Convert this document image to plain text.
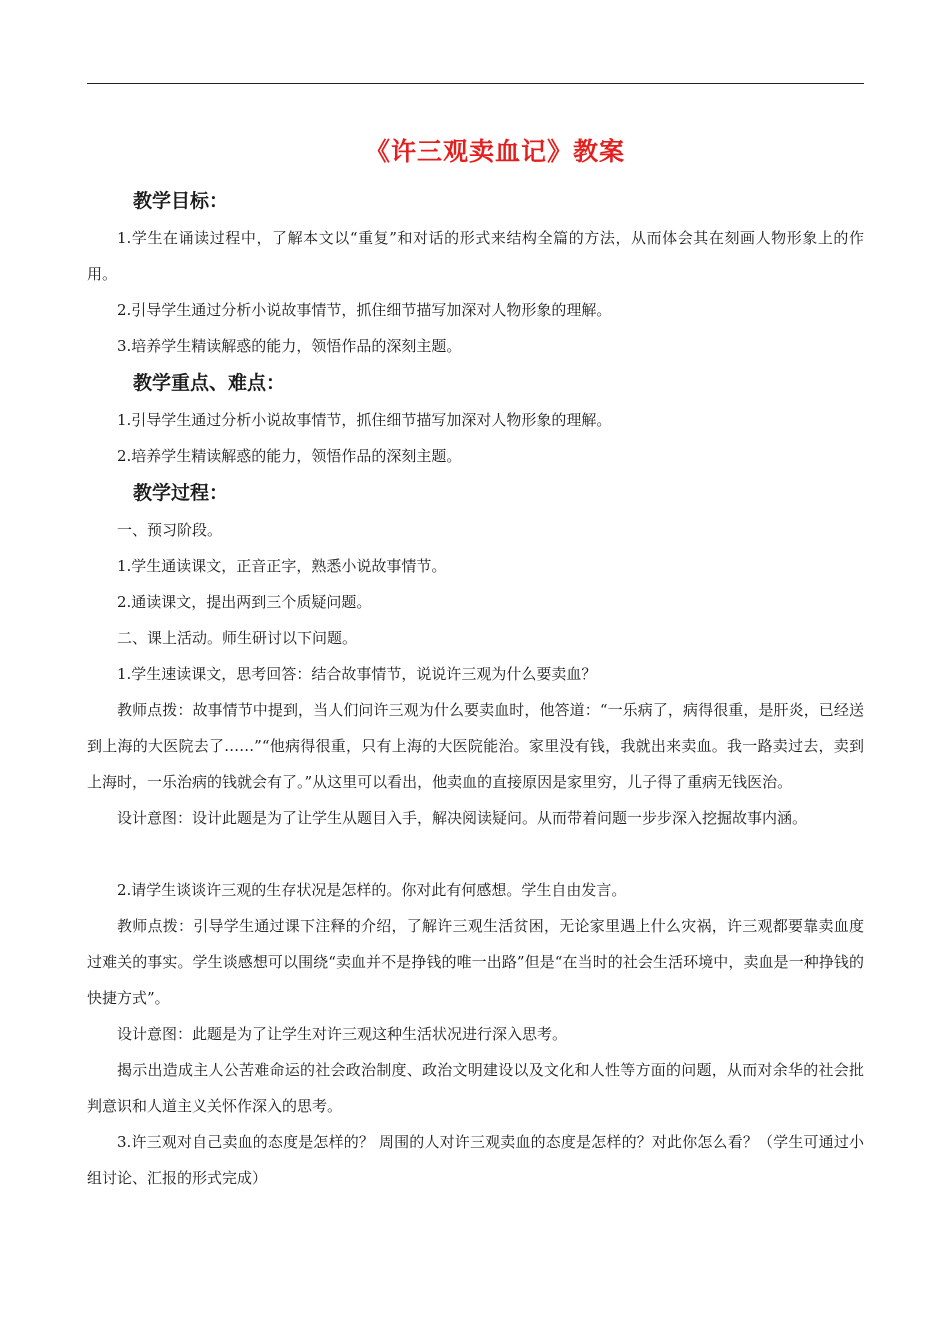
《许三观卖血记》教案
教学目标：

1.学生在诵读过程中，了解本文以“重复”和对话的形式来结构全篇的方法，从而体会其在刻画人物形象上的作用。

2.引导学生通过分析小说故事情节，抓住细节描写加深对人物形象的理解。

3.培养学生精读解惑的能力，领悟作品的深刻主题。

教学重点、难点：

1.引导学生通过分析小说故事情节，抓住细节描写加深对人物形象的理解。

2.培养学生精读解惑的能力，领悟作品的深刻主题。

教学过程：

一、预习阶段。

1.学生通读课文，正音正字，熟悉小说故事情节。

2.通读课文，提出两到三个质疑问题。

二、课上活动。师生研讨以下问题。

1.学生速读课文，思考回答：结合故事情节，说说许三观为什么要卖血？

教师点拨：故事情节中提到，当人们问许三观为什么要卖血时，他答道：“一乐病了，病得很重，是肝炎，已经送到上海的大医院去了……”“他病得很重，只有上海的大医院能治。家里没有钱，我就出来卖血。我一路卖过去，卖到上海时，一乐治病的钱就会有了。”从这里可以看出，他卖血的直接原因是家里穷，儿子得了重病无钱医治。

设计意图：设计此题是为了让学生从题目入手，解决阅读疑问。从而带着问题一步步深入挖掘故事内涵。

2.请学生谈谈许三观的生存状况是怎样的。你对此有何感想。学生自由发言。

教师点拨：引导学生通过课下注释的介绍，了解许三观生活贫困，无论家里遇上什么灾祸，许三观都要靠卖血度过难关的事实。学生谈感想可以围绕“卖血并不是挣钱的唯一出路”但是“在当时的社会生活环境中，卖血是一种挣钱的快捷方式”。

设计意图：此题是为了让学生对许三观这种生活状况进行深入思考。

揭示出造成主人公苦难命运的社会政治制度、政治文明建设以及文化和人性等方面的问题，从而对余华的社会批判意识和人道主义关怀作深入的思考。

3.许三观对自己卖血的态度是怎样的？ 周围的人对许三观卖血的态度是怎样的？对此你怎么看？（学生可通过小组讨论、汇报的形式完成）
